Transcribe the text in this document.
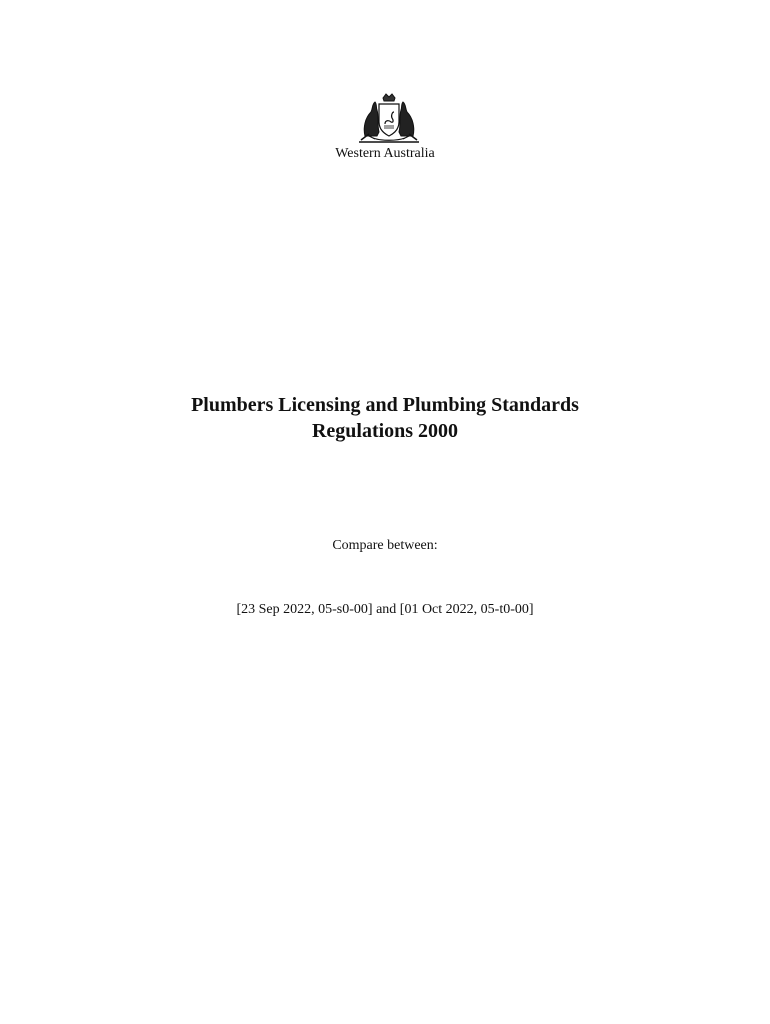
Western Australia
Plumbers Licensing and Plumbing Standards
Regulations 2000
Compare between:
[23 Sep 2022, 05-s0-00] and [01 Oct 2022, 05-t0-00]
